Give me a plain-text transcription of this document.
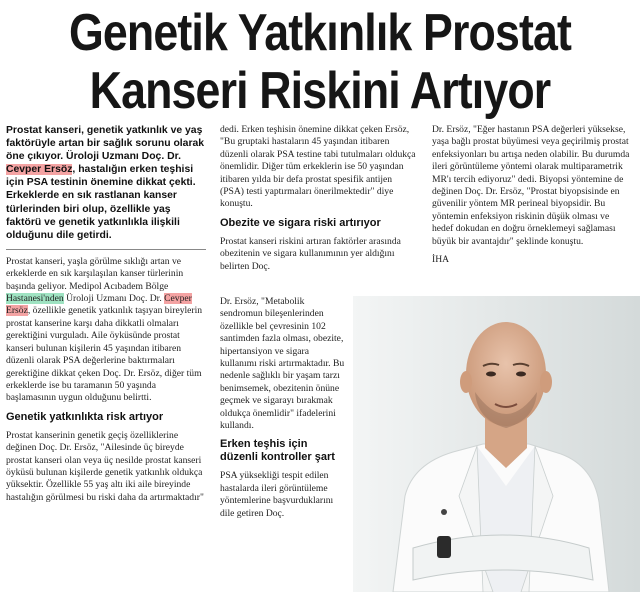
Genetik Yatkınlık Prostat
Kanseri Riskini Artıyor
Prostat kanseri, genetik yatkınlık ve yaş faktörüyle artan bir sağlık sorunu olarak öne çıkıyor. Üroloji Uzmanı Doç. Dr. Cevper Ersöz, hastalığın erken teşhisi için PSA testinin önemine dikkat çekti. Erkeklerde en sık rastlanan kanser türlerinden biri olup, özellikle yaş faktörü ve genetik yatkınlıkla ilişkili olduğunu dile getirdi.

Prostat kanseri, yaşla görülme sıklığı artan ve erkeklerde en sık karşılaşılan kanser türlerinin başında geliyor. Medipol Acıbadem Bölge Hastanesi'nden Üroloji Uzmanı Doç. Dr. Cevper Ersöz, özellikle genetik yatkınlık taşıyan bireylerin prostat kanserine karşı daha dikkatli olmaları gerektiğini vurguladı. Aile öyküsünde prostat kanseri bulunan kişilerin 45 yaşından itibaren düzenli olarak PSA değerlerine baktırmaları gerektiğine dikkat çeken Doç. Dr. Ersöz, diğer tüm erkeklerde ise bu taramanın 50 yaşında başlamasının uygun olduğunu belirtti.

Genetik yatkınlıkta risk artıyor

Prostat kanserinin genetik geçiş özelliklerine değinen Doç. Dr. Ersöz, "Ailesinde üç bireyde prostat kanseri olan veya üç nesilde prostat kanseri öyküsü bulunan kişilerde genetik yatkınlık oldukça yüksektir. Özellikle 55 yaş altı iki aile bireyinde hastalığın görülmesi bu riski daha da artırmaktadır"

dedi. Erken teşhisin önemine dikkat çeken Ersöz, "Bu gruptaki hastaların 45 yaşından itibaren düzenli olarak PSA testine tabi tutulmaları oldukça önemlidir. Diğer tüm erkeklerin ise 50 yaşından itibaren yılda bir defa prostat spesifik antijen (PSA) testi yaptırmaları önerilmektedir" diye konuştu.

Obezite ve sigara riski artırıyor

Prostat kanseri riskini artıran faktörler arasında obezitenin ve sigara kullanımının yer aldığını belirten Doç.

Dr. Ersöz, "Metabolik sendromun bileşenlerinden özellikle bel çevresinin 102 santimden fazla olması, obezite, hipertansiyon ve sigara kullanımı riski artırmaktadır. Bu nedenle sağlıklı bir yaşam tarzı benimsemek, obezitenin önüne geçmek ve sigarayı bırakmak oldukça önemlidir" ifadelerini kullandı.

Erken teşhis için düzenli kontroller şart

PSA yüksekliği tespit edilen hastalarda ileri görüntüleme yöntemlerine başvurduklarını dile getiren Doç.

Dr. Ersöz, "Eğer hastanın PSA değerleri yüksekse, yaşa bağlı prostat büyümesi veya geçirilmiş prostat enfeksiyonları bu artışa neden olabilir. Bu durumda ileri görüntüleme yöntemi olarak multiparametrik MR'ı tercih ediyoruz" dedi. Biyopsi yöntemine de değinen Doç. Dr. Ersöz, "Prostat biyopsisinde en güvenilir yöntem MR perineal biyopsidir. Bu yöntemin enfeksiyon riskinin düşük olması ve hedef dokudan en doğru örneklemeyi sağlaması büyük bir avantajdır" şeklinde konuştu.

İHA
